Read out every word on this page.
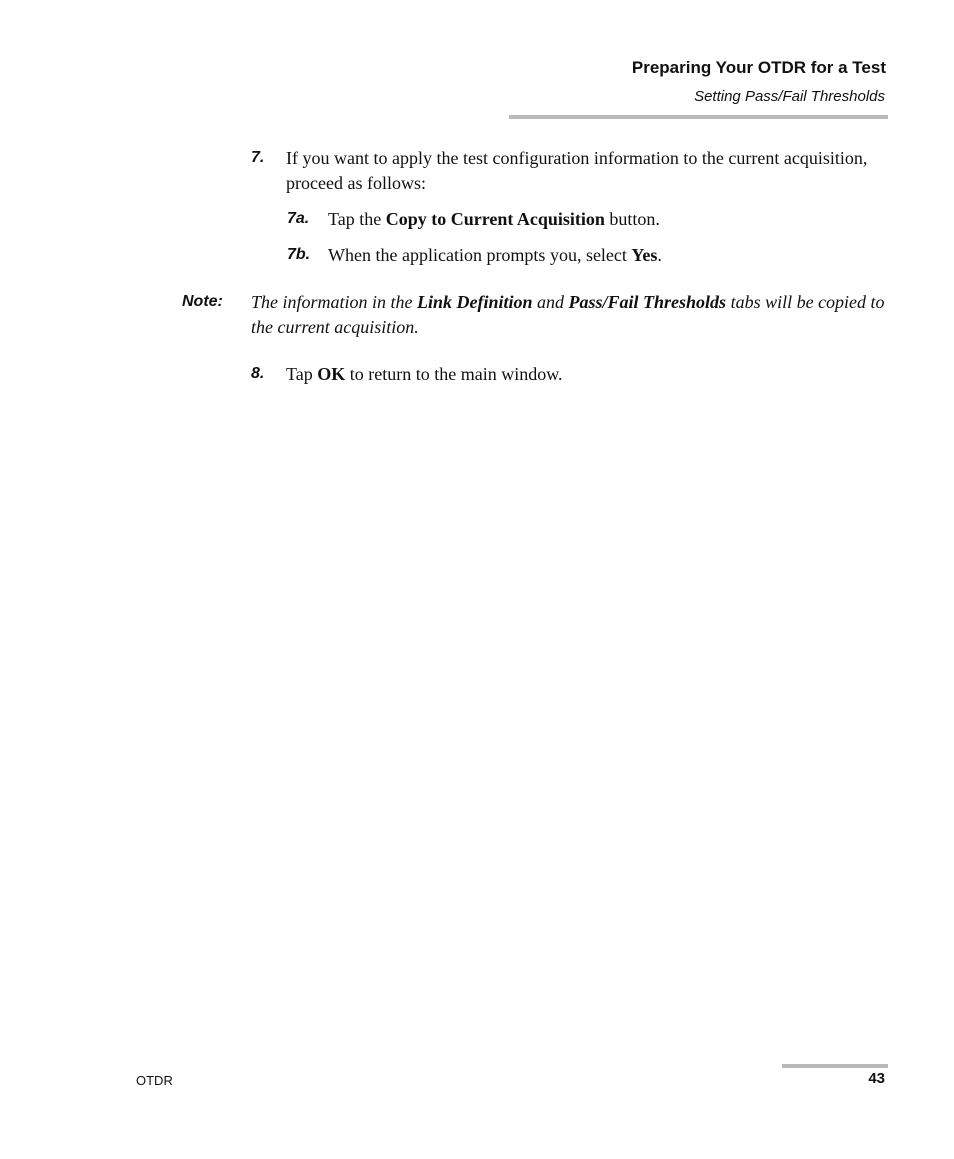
Preparing Your OTDR for a Test
Setting Pass/Fail Thresholds
7. If you want to apply the test configuration information to the current acquisition, proceed as follows:
7a. Tap the Copy to Current Acquisition button.
7b. When the application prompts you, select Yes.
Note: The information in the Link Definition and Pass/Fail Thresholds tabs will be copied to the current acquisition.
8. Tap OK to return to the main window.
OTDR	43
